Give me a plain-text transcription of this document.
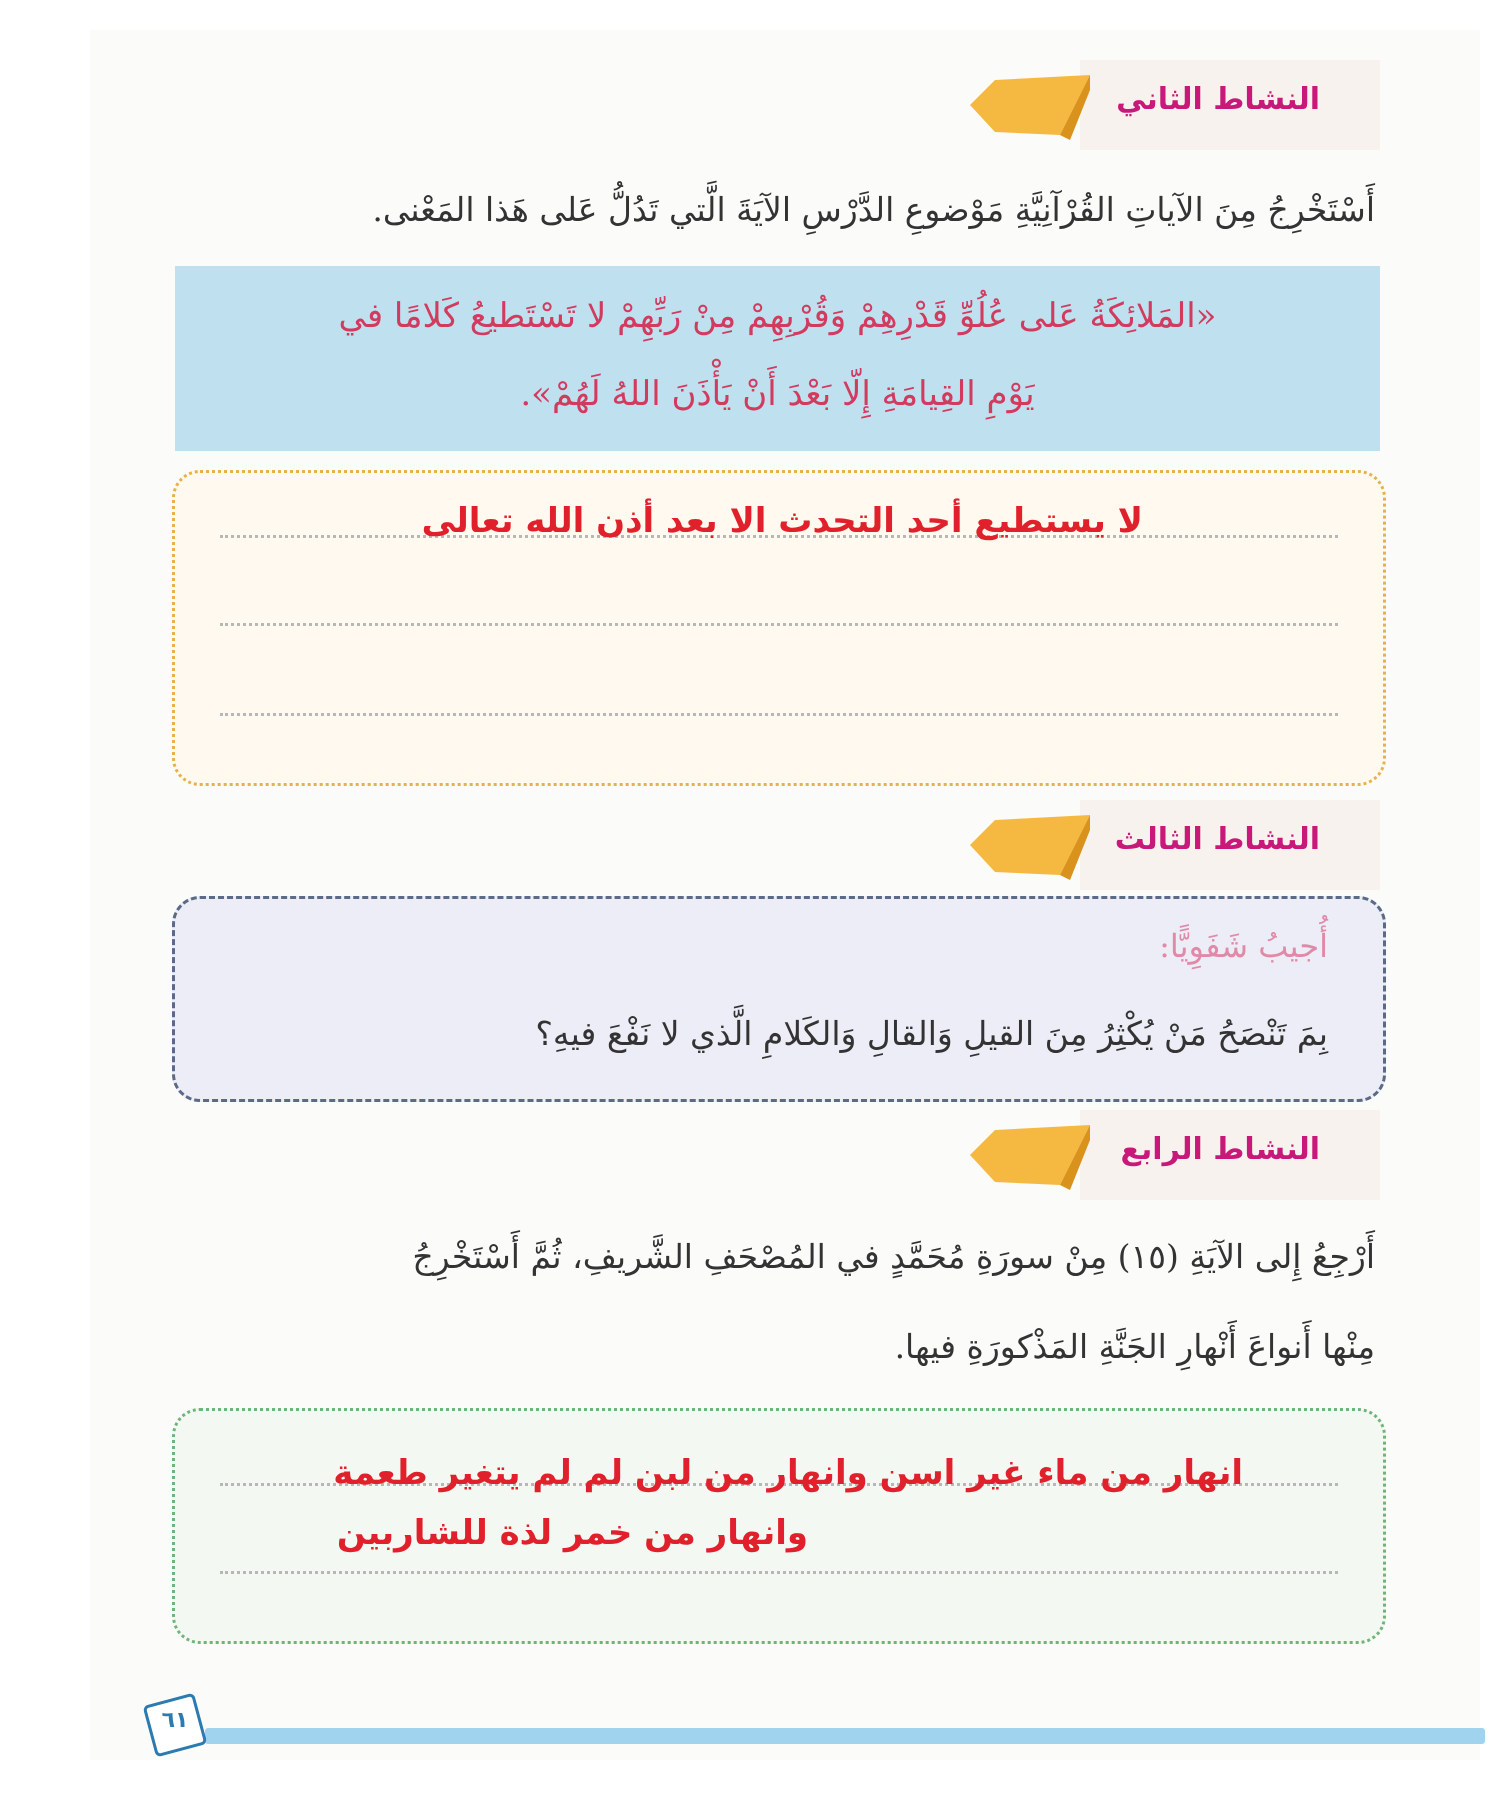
النشاط الثاني
أَسْتَخْرِجُ مِنَ الآياتِ القُرْآنِيَّةِ مَوْضوعِ الدَّرْسِ الآيَةَ الَّتي تَدُلُّ عَلى هَذا المَعْنى.
«المَلائِكَةُ عَلى عُلُوِّ قَدْرِهِمْ وَقُرْبِهِمْ مِنْ رَبِّهِمْ لا تَسْتَطيعُ كَلامًا في
يَوْمِ القِيامَةِ إِلّا بَعْدَ أَنْ يَأْذَنَ اللهُ لَهُمْ».
لا يستطيع أحد التحدث الا بعد أذن الله تعالى
النشاط الثالث
أُجيبُ شَفَوِيًّا:
بِمَ تَنْصَحُ مَنْ يُكْثِرُ مِنَ القيلِ وَالقالِ وَالكَلامِ الَّذي لا نَفْعَ فيهِ؟
النشاط الرابع
أَرْجِعُ إِلى الآيَةِ (١٥) مِنْ سورَةِ مُحَمَّدٍ في المُصْحَفِ الشَّريفِ، ثُمَّ أَسْتَخْرِجُ
مِنْها أَنواعَ أَنْهارِ الجَنَّةِ المَذْكورَةِ فيها.
انهار من ماء غير اسن وانهار من لبن لم لم يتغير طعمة
وانهار من خمر لذة للشاربين
٦١
